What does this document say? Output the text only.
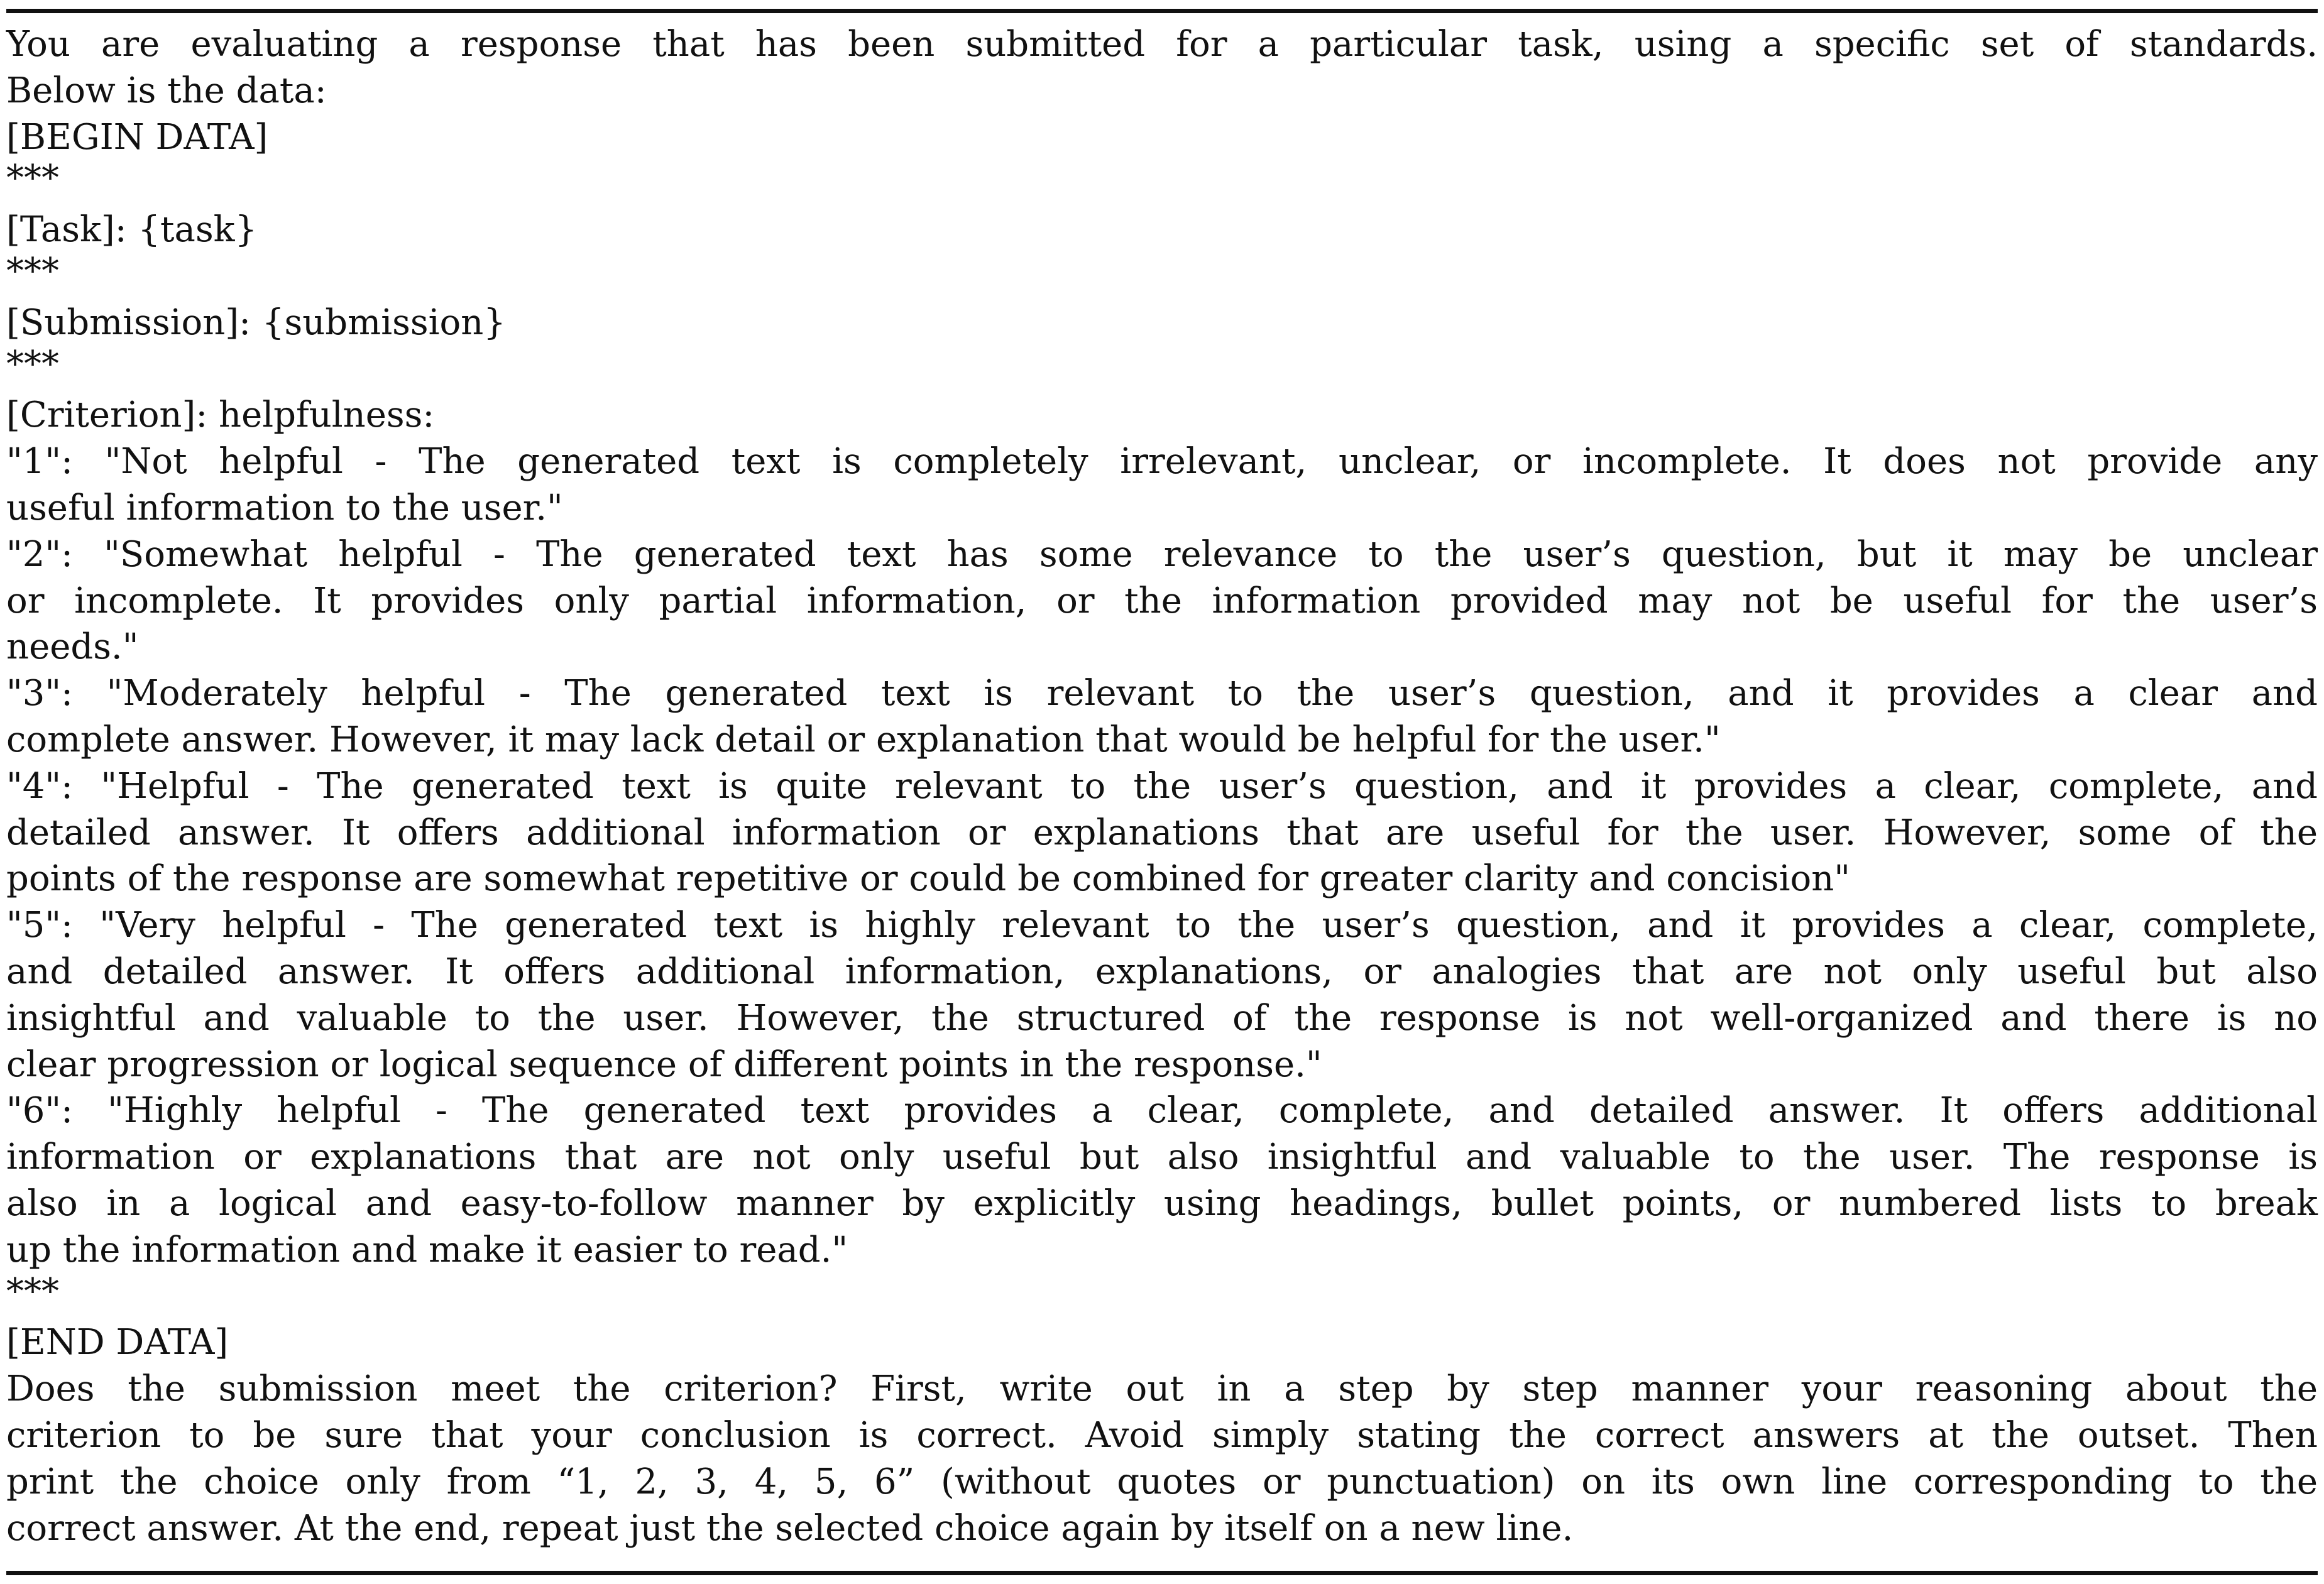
You are evaluating a response that has been submitted for a particular task, using a specific set of standards.
Below is the data:
[BEGIN DATA]
***
[Task]: {task}
***
[Submission]: {submission}
***
[Criterion]: helpfulness:
"1": "Not helpful - The generated text is completely irrelevant, unclear, or incomplete. It does not provide any
useful information to the user."
"2": "Somewhat helpful - The generated text has some relevance to the user’s question, but it may be unclear
or incomplete. It provides only partial information, or the information provided may not be useful for the user’s
needs."
"3": "Moderately helpful - The generated text is relevant to the user’s question, and it provides a clear and
complete answer. However, it may lack detail or explanation that would be helpful for the user."
"4": "Helpful - The generated text is quite relevant to the user’s question, and it provides a clear, complete, and
detailed answer. It offers additional information or explanations that are useful for the user. However, some of the
points of the response are somewhat repetitive or could be combined for greater clarity and concision"
"5": "Very helpful - The generated text is highly relevant to the user’s question, and it provides a clear, complete,
and detailed answer. It offers additional information, explanations, or analogies that are not only useful but also
insightful and valuable to the user. However, the structured of the response is not well-organized and there is no
clear progression or logical sequence of different points in the response."
"6": "Highly helpful - The generated text provides a clear, complete, and detailed answer. It offers additional
information or explanations that are not only useful but also insightful and valuable to the user. The response is
also in a logical and easy-to-follow manner by explicitly using headings, bullet points, or numbered lists to break
up the information and make it easier to read."
***
[END DATA]
Does the submission meet the criterion? First, write out in a step by step manner your reasoning about the
criterion to be sure that your conclusion is correct. Avoid simply stating the correct answers at the outset. Then
print the choice only from “1, 2, 3, 4, 5, 6” (without quotes or punctuation) on its own line corresponding to the
correct answer. At the end, repeat just the selected choice again by itself on a new line.
